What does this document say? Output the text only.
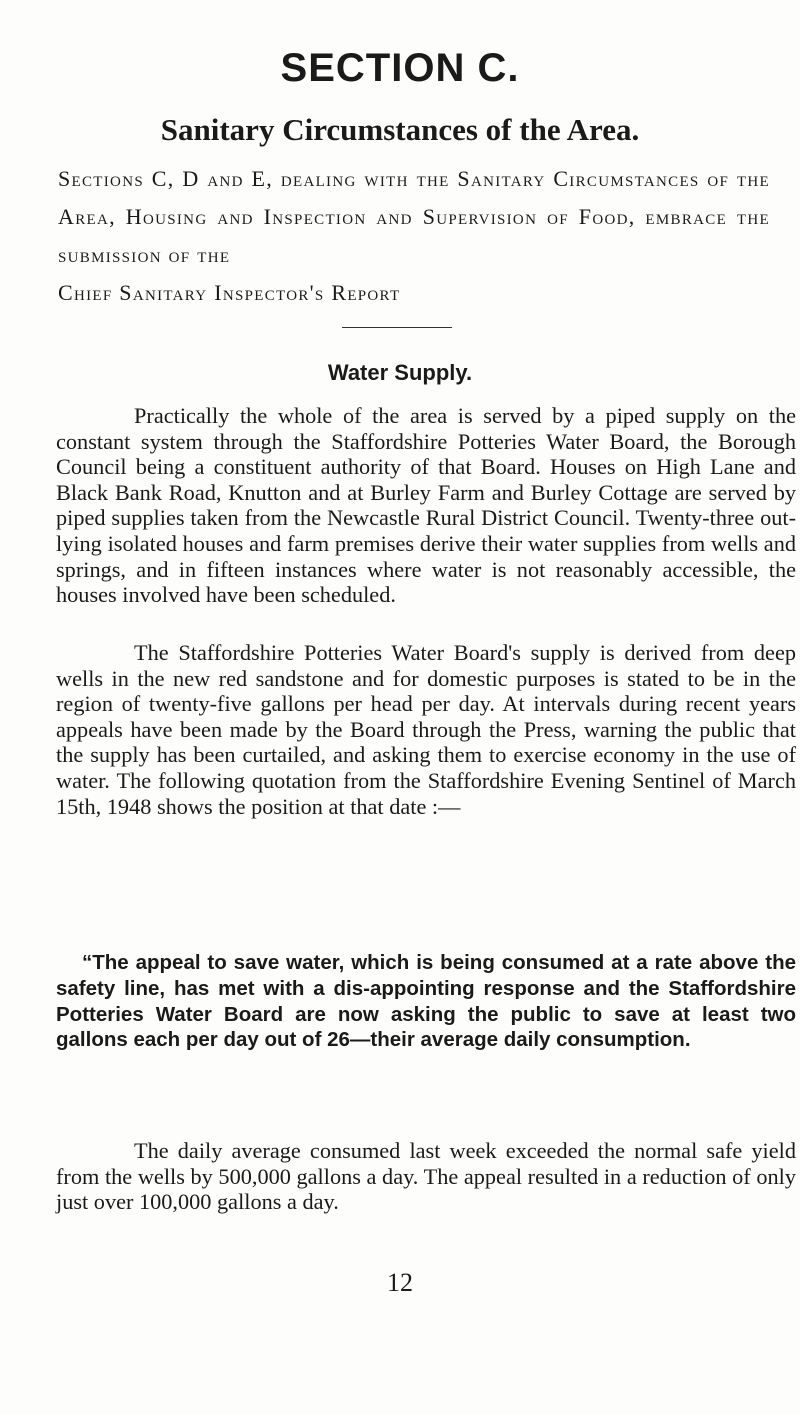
SECTION C.
Sanitary Circumstances of the Area.

Sections C, D and E, dealing with the Sanitary Circumstances of the Area, Housing and Inspection and Supervision of Food, embrace the submission of the
Chief Sanitary Inspector's Report

Water Supply.

Practically the whole of the area is served by a piped supply on the constant system through the Staffordshire Potteries Water Board, the Borough Council being a constituent authority of that Board. Houses on High Lane and Black Bank Road, Knutton and at Burley Farm and Burley Cottage are served by piped supplies taken from the Newcastle Rural District Council. Twenty-three out-lying isolated houses and farm premises derive their water supplies from wells and springs, and in fifteen instances where water is not reasonably accessible, the houses involved have been scheduled.

The Staffordshire Potteries Water Board's supply is derived from deep wells in the new red sandstone and for domestic purposes is stated to be in the region of twenty-five gallons per head per day. At intervals during recent years appeals have been made by the Board through the Press, warning the public that the supply has been curtailed, and asking them to exercise economy in the use of water. The following quotation from the Staffordshire Evening Sentinel of March 15th, 1948 shows the position at that date :—

“The appeal to save water, which is being consumed at a rate above the safety line, has met with a dis-appointing response and the Staffordshire Potteries Water Board are now asking the public to save at least two gallons each per day out of 26—their average daily consumption.

The daily average consumed last week exceeded the normal safe yield from the wells by 500,000 gallons a day. The appeal resulted in a reduction of only just over 100,000 gallons a day.

12
